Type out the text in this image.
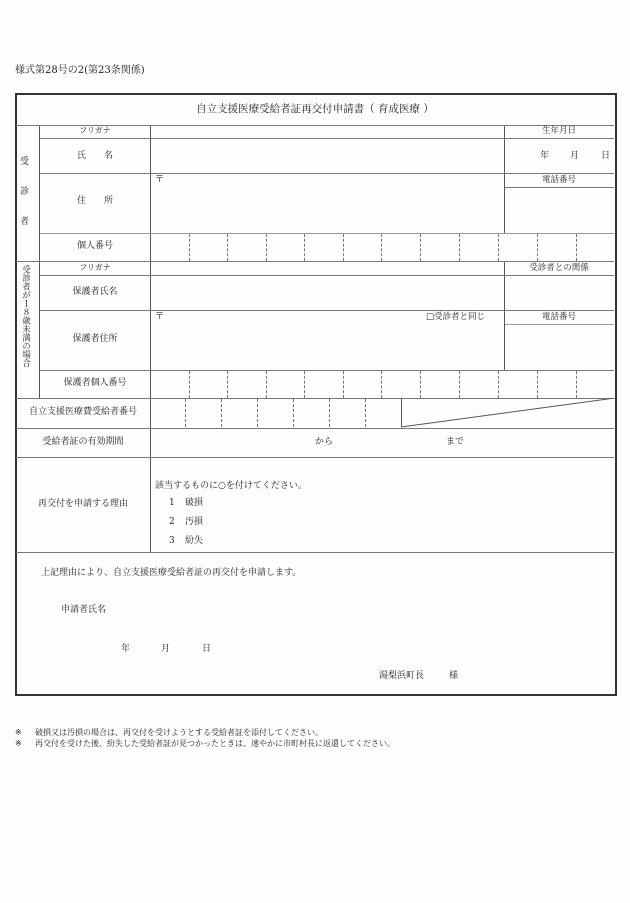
様式第28号の2(第23条関係)
自立支援医療受給者証再交付申請書（ 育成医療 ）
受
診
者
フリガナ	生年月日
氏　　名	年 月 日
住　　所
〒	電話番号
個人番号
受診者が１８歳未満の場合	フリガナ	受診者との関係
保護者氏名
保護者住所
〒	□受診者と同じ	電話番号
保護者個人番号
自立支援医療費受給者番号
受給者証の有効期間	から	まで
再交付を申請する理由
該当するものに○を付けてください。
1 破損
2 汚損
3 紛失
上記理由により、自立支援医療受給者証の再交付を申請します。
申請者氏名
年	月	日
湯梨浜町長	様
※ 破損又は汚損の場合は、再交付を受けようとする受給者証を添付してください。
※ 再交付を受けた後、紛失した受給者証が見つかったときは、速やかに市町村長に返還してください。
